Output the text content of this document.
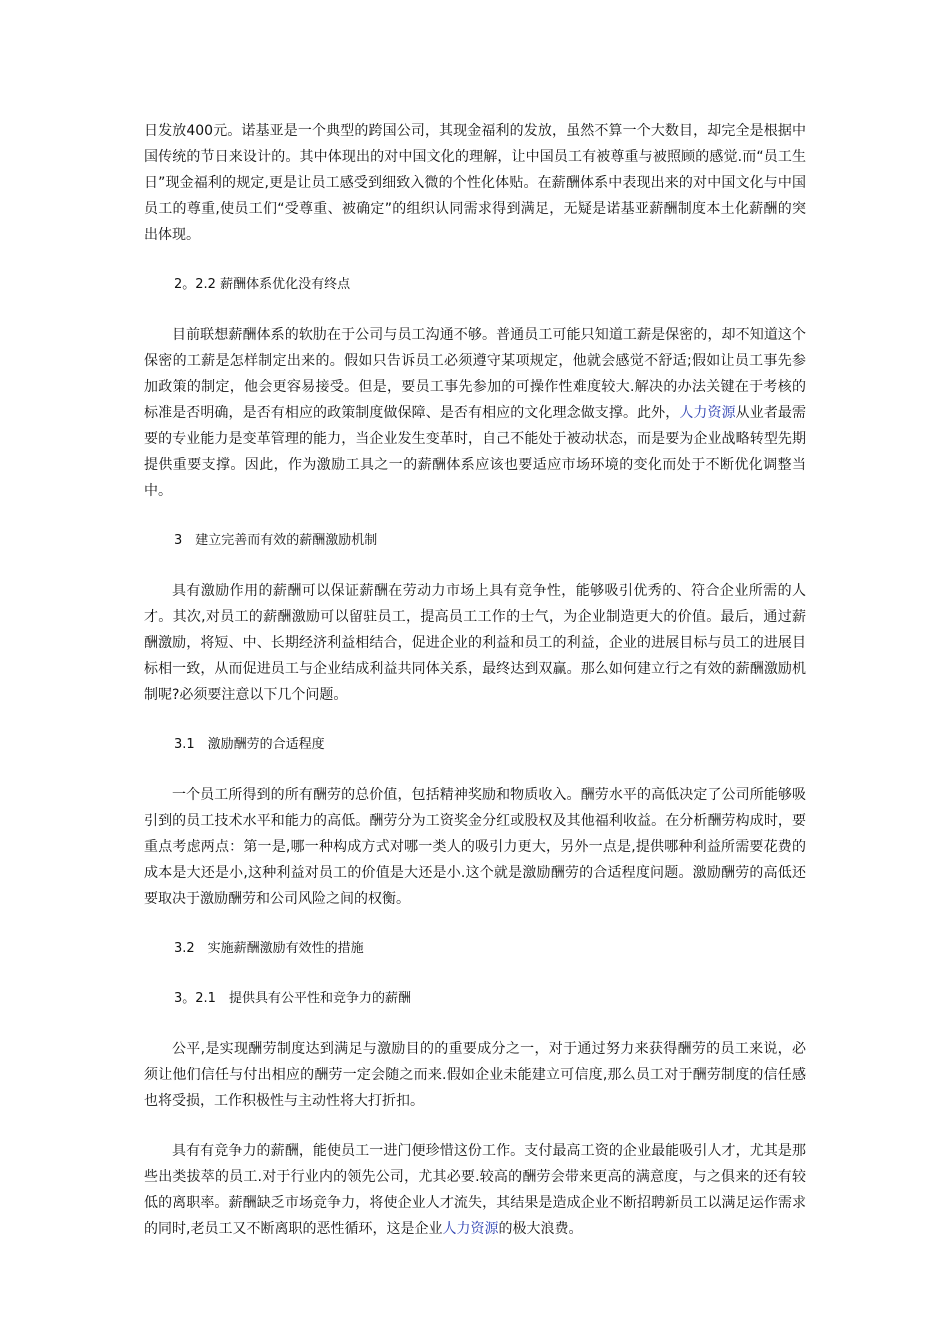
日发放400元。诺基亚是一个典型的跨国公司，其现金福利的发放，虽然不算一个大数目，却完全是根据中国传统的节日来设计的。其中体现出的对中国文化的理解，让中国员工有被尊重与被照顾的感觉.而“员工生日”现金福利的规定,更是让员工感受到细致入微的个性化体贴。在薪酬体系中表现出来的对中国文化与中国员工的尊重,使员工们“受尊重、被确定”的组织认同需求得到满足，无疑是诺基亚薪酬制度本土化薪酬的突出体现。

2。2.2 薪酬体系优化没有终点

目前联想薪酬体系的软肋在于公司与员工沟通不够。普通员工可能只知道工薪是保密的，却不知道这个保密的工薪是怎样制定出来的。假如只告诉员工必须遵守某项规定，他就会感觉不舒适;假如让员工事先参加政策的制定，他会更容易接受。但是，要员工事先参加的可操作性难度较大.解决的办法关键在于考核的标准是否明确，是否有相应的政策制度做保障、是否有相应的文化理念做支撑。此外，人力资源从业者最需要的专业能力是变革管理的能力，当企业发生变革时，自己不能处于被动状态，而是要为企业战略转型先期提供重要支撑。因此，作为激励工具之一的薪酬体系应该也要适应市场环境的变化而处于不断优化调整当中。

3　建立完善而有效的薪酬激励机制

具有激励作用的薪酬可以保证薪酬在劳动力市场上具有竞争性，能够吸引优秀的、符合企业所需的人才。其次,对员工的薪酬激励可以留驻员工，提高员工工作的士气，为企业制造更大的价值。最后，通过薪酬激励，将短、中、长期经济利益相结合，促进企业的利益和员工的利益，企业的进展目标与员工的进展目标相一致，从而促进员工与企业结成利益共同体关系，最终达到双赢。那么如何建立行之有效的薪酬激励机制呢?必须要注意以下几个问题。

3.1　激励酬劳的合适程度

一个员工所得到的所有酬劳的总价值，包括精神奖励和物质收入。酬劳水平的高低决定了公司所能够吸引到的员工技术水平和能力的高低。酬劳分为工资奖金分红或股权及其他福利收益。在分析酬劳构成时，要重点考虑两点：第一是,哪一种构成方式对哪一类人的吸引力更大，另外一点是,提供哪种利益所需要花费的成本是大还是小,这种利益对员工的价值是大还是小.这个就是激励酬劳的合适程度问题。激励酬劳的高低还要取决于激励酬劳和公司风险之间的权衡。

3.2　实施薪酬激励有效性的措施

3。2.1　提供具有公平性和竞争力的薪酬

公平,是实现酬劳制度达到满足与激励目的的重要成分之一，对于通过努力来获得酬劳的员工来说，必须让他们信任与付出相应的酬劳一定会随之而来.假如企业未能建立可信度,那么员工对于酬劳制度的信任感也将受损，工作积极性与主动性将大打折扣。

具有有竞争力的薪酬，能使员工一进门便珍惜这份工作。支付最高工资的企业最能吸引人才，尤其是那些出类拔萃的员工.对于行业内的领先公司，尤其必要.较高的酬劳会带来更高的满意度，与之俱来的还有较低的离职率。薪酬缺乏市场竞争力，将使企业人才流失，其结果是造成企业不断招聘新员工以满足运作需求的同时,老员工又不断离职的恶性循环，这是企业人力资源的极大浪费。
